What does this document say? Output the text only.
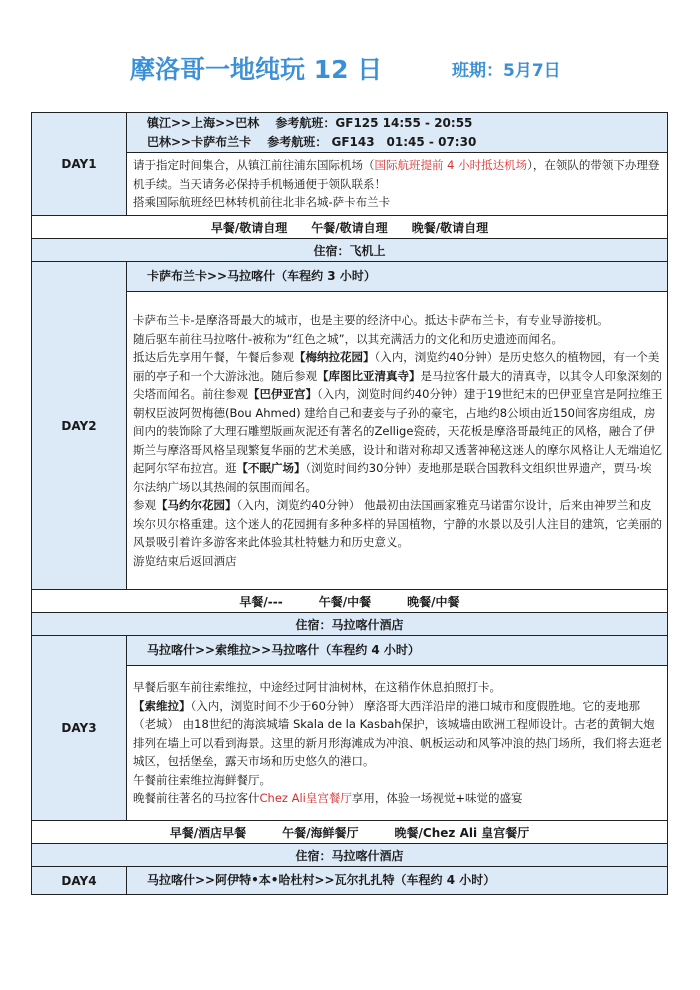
摩洛哥一地纯玩 12 日	班期：5月7日
DAY1	镇江>>上海>>巴林　 参考航班：GF125 14:55 - 20:55
巴林>>卡萨布兰卡　 参考航班： GF143　01:45 - 07:30

	请于指定时间集合，从镇江前往浦东国际机场（国际航班提前 4 小时抵达机场），在领队的带领下办理登机手续。当天请务必保持手机畅通便于领队联系！
搭乘国际航班经巴林转机前往北非名城-萨卡布兰卡

早餐/敬请自理　　 午餐/敬请自理　　 晚餐/敬请自理	
住宿：飞机上	
DAY2	卡萨布兰卡>>马拉喀什（车程约 3 小时）

	卡萨布兰卡-是摩洛哥最大的城市，也是主要的经济中心。抵达卡萨布兰卡，有专业导游接机。
随后驱车前往马拉喀什-被称为“红色之城”，以其充满活力的文化和历史遗迹而闻名。
抵达后先享用午餐，午餐后参观【梅纳拉花园】（入内，浏览约40分钟）是历史悠久的植物园，有一个美丽的亭子和一个大游泳池。随后参观【库图比亚清真寺】是马拉客什最大的清真寺，以其令人印象深刻的尖塔而闻名。前往参观【巴伊亚宫】（入内，浏览时间约40分钟）建于19世纪末的巴伊亚皇宫是阿拉维王朝权臣波阿贺梅德(Bou Ahmed) 建给自己和妻妾与子孙的豪宅，占地约8公顷由近150间客房组成，房间内的装饰除了大理石雕塑版画灰泥还有著名的Zellige瓷砖，天花板是摩洛哥最纯正的风格，融合了伊斯兰与摩洛哥风格呈现繁复华丽的艺术美感，设计和谐对称却又透著神秘这迷人的摩尔风格让人无端追忆起阿尔罕布拉宫。逛【不眠广场】（浏览时间约30分钟）麦地那是联合国教科文组织世界遗产，贾马·埃尔法纳广场以其热闹的氛围而闻名。
参观【马约尔花园】（入内，浏览约40分钟） 他最初由法国画家雅克马诺雷尔设计，后来由神罗兰和皮埃尔贝尔格重建。这个迷人的花园拥有多种多样的异国植物，宁静的水景以及引人注目的建筑，它美丽的风景吸引着许多游客来此体验其杜特魅力和历史意义。
游览结束后返回酒店

早餐/---　　　 午餐/中餐　　　 晚餐/中餐	
住宿：马拉喀什酒店	
DAY3	马拉喀什>>索维拉>>马拉喀什（车程约 4 小时）

	早餐后驱车前往索维拉，中途经过阿甘油树林，在这稍作休息拍照打卡。
【索维拉】（入内，浏览时间不少于60分钟） 摩洛哥大西洋沿岸的港口城市和度假胜地。它的麦地那（老城） 由18世纪的海滨城墙 Skala de la Kasbah保护，该城墙由欧洲工程师设计。古老的黄铜大炮排列在墙上可以看到海景。这里的新月形海滩成为冲浪、帆板运动和风筝冲浪的热门场所，我们将去逛老城区，包括堡垒，露天市场和历史悠久的港口。
午餐前往索维拉海鲜餐厅。
晚餐前往著名的马拉客什Chez Ali皇宫餐厅享用，体验一场视觉+味觉的盛宴

早餐/酒店早餐　　　 午餐/海鲜餐厅　　　 晚餐/Chez Ali 皇宫餐厅	
住宿：马拉喀什酒店	
DAY4	马拉喀什>>阿伊特•本•哈杜村>>瓦尔扎扎特（车程约 4 小时）
